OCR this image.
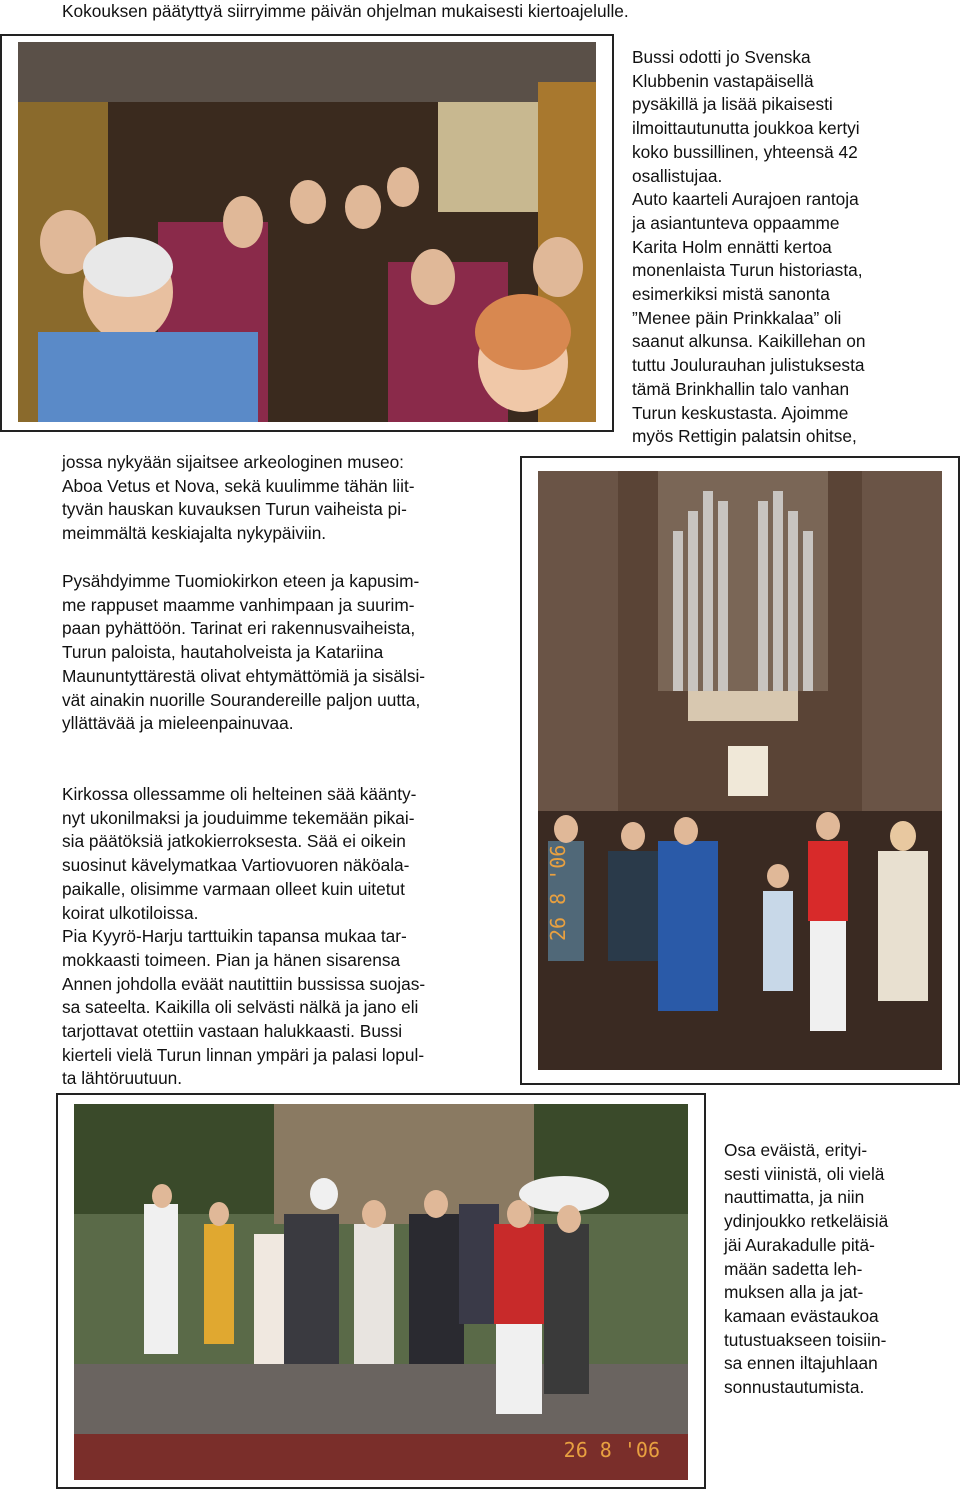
Kokouksen päätyttyä siirryimme päivän ohjelman mukaisesti kiertoajelulle.

Bussi odotti jo Svenska
Klubbenin vastapäisellä
pysäkillä ja lisää pikaisesti
ilmoittautunutta joukkoa kertyi
koko bussillinen, yhteensä 42
osallistujaa.
Auto kaarteli Aurajoen rantoja
ja asiantunteva oppaamme
Karita Holm ennätti kertoa
monenlaista Turun historiasta,
esimerkiksi mistä sanonta
”Menee päin Prinkkalaa” oli
saanut alkunsa. Kaikillehan on
tuttu Joulurauhan julistuksesta
tämä Brinkhallin talo vanhan
Turun keskustasta. Ajoimme
myös Rettigin palatsin ohitse,

jossa nykyään sijaitsee arkeologinen museo:
Aboa Vetus et Nova, sekä kuulimme tähän liit-
tyvän hauskan kuvauksen Turun vaiheista pi-
meimmältä keskiajalta nykypäiviin.

26 8 '06

Pysähdyimme Tuomiokirkon eteen ja kapusim-
me rappuset maamme vanhimpaan ja suurim-
paan pyhättöön. Tarinat eri rakennusvaiheista,
Turun paloista, hautaholveista ja Katariina
Maununtyttärestä olivat ehtymättömiä ja sisälsi-
vät ainakin nuorille Sourandereille paljon uutta,
yllättävää ja mieleenpainuvaa.

Kirkossa ollessamme oli helteinen sää käänty-
nyt ukonilmaksi ja jouduimme tekemään pikai-
sia päätöksiä jatkokierroksesta. Sää ei oikein
suosinut kävelymatkaa Vartiovuoren näköala-
paikalle, olisimme varmaan olleet kuin uitetut
koirat ulkotiloissa.
Pia Kyyrö-Harju tarttuikin tapansa mukaa tar-
mokkaasti toimeen. Pian ja hänen sisarensa
Annen johdolla eväät nautittiin bussissa suojas-
sa sateelta. Kaikilla oli selvästi nälkä ja jano eli
tarjottavat otettiin vastaan halukkaasti. Bussi
kierteli vielä Turun linnan ympäri ja palasi lopul-
ta lähtöruutuun.

26 8 '06

Osa eväistä, erityi-
sesti viinistä, oli vielä
nauttimatta, ja niin
ydinjoukko retkeläisiä
jäi Aurakadulle pitä-
mään sadetta leh-
muksen alla ja jat-
kamaan evästaukoa
tutustuakseen toisiin-
sa ennen iltajuhlaan
sonnustautumista.
